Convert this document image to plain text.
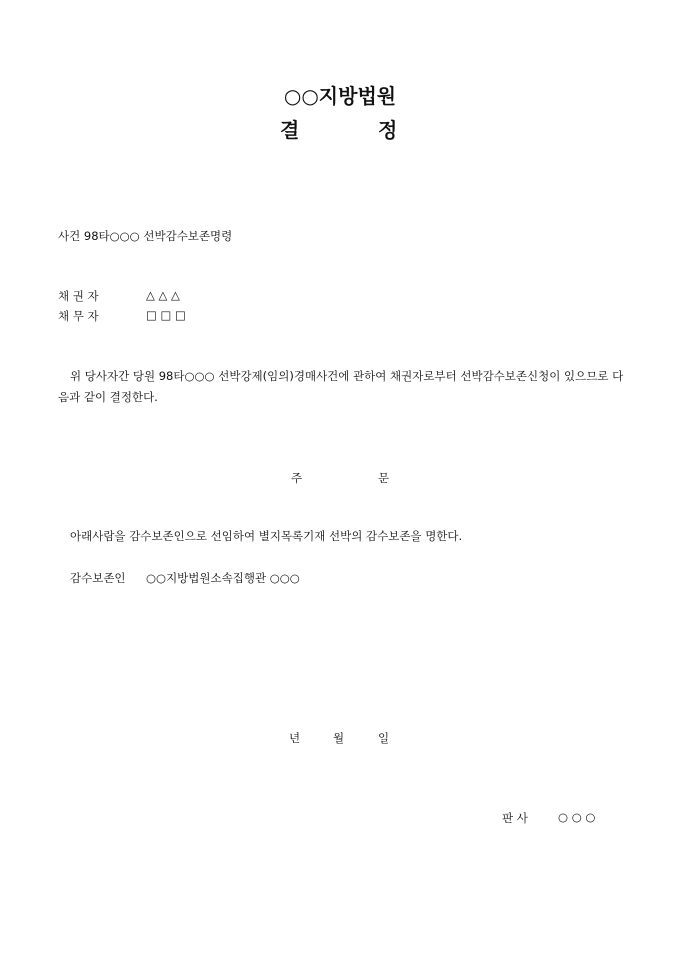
○○지방법원
결	정
사건 98타○○○ 선박감수보존명령
채 권 자	△ △ △
채 무 자	□ □ □
위 당사자간 당원 98타○○○ 선박강제(임의)경매사건에 관하여 채권자로부터 선박감수보존신청이 있으므로 다음과 같이 결정한다.
주	문
아래사람을 감수보존인으로 선임하여 별지목록기재 선박의 감수보존을 명한다.
감수보존인 ○○지방법원소속집행관 ○○○
년	월	일
판 사	○ ○ ○
